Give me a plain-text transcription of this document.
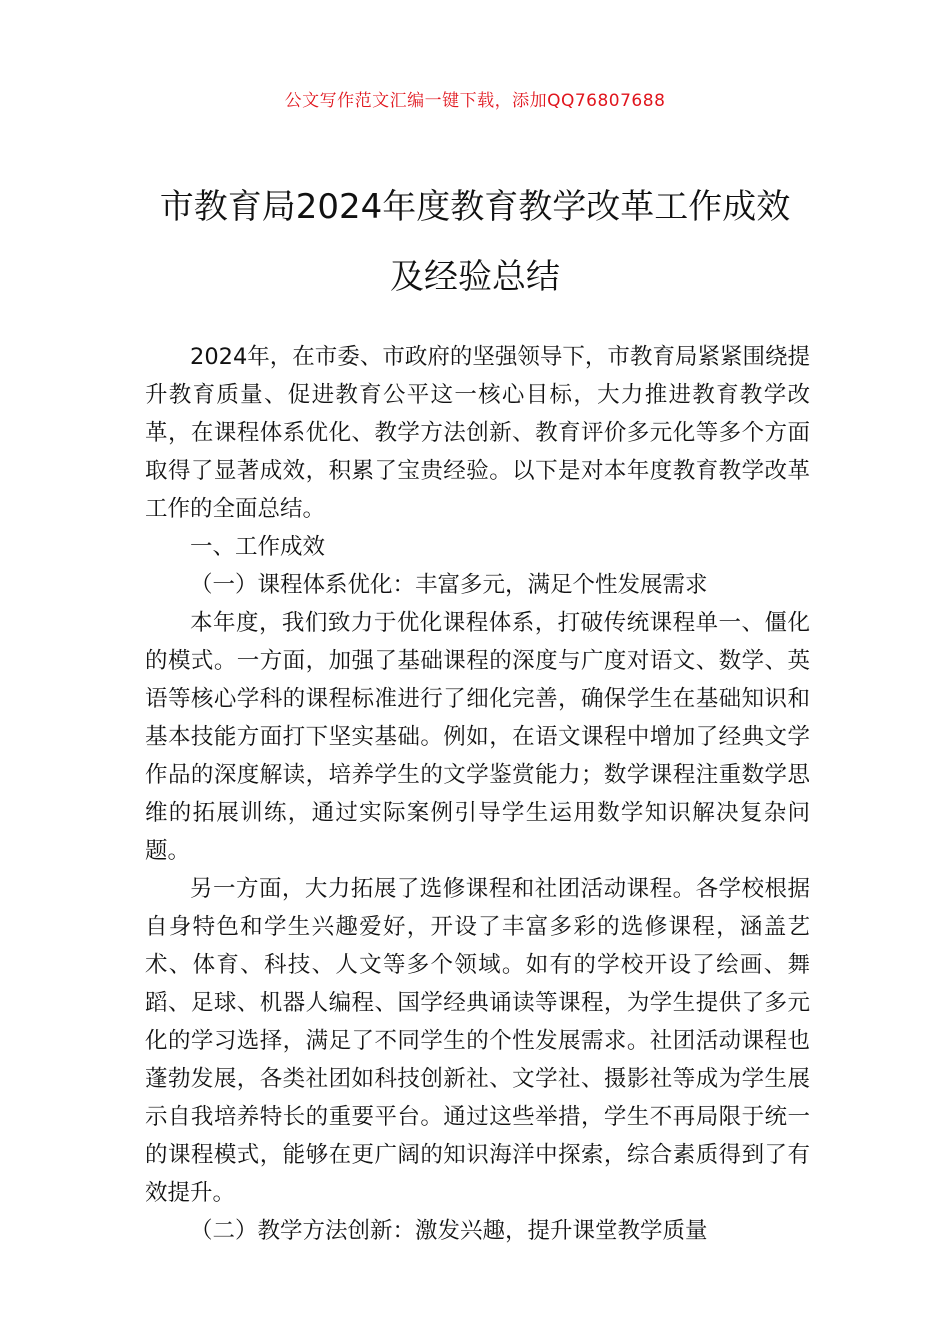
公文写作范文汇编一键下载，添加QQ76807688
市教育局2024年度教育教学改革工作成效
及经验总结

2024年，在市委、市政府的坚强领导下，市教育局紧紧围绕提升教育质量、促进教育公平这一核心目标，大力推进教育教学改革，在课程体系优化、教学方法创新、教育评价多元化等多个方面取得了显著成效，积累了宝贵经验。以下是对本年度教育教学改革工作的全面总结。

一、工作成效

（一）课程体系优化：丰富多元，满足个性发展需求

本年度，我们致力于优化课程体系，打破传统课程单一、僵化的模式。一方面，加强了基础课程的深度与广度对语文、数学、英语等核心学科的课程标准进行了细化完善，确保学生在基础知识和基本技能方面打下坚实基础。例如，在语文课程中增加了经典文学作品的深度解读，培养学生的文学鉴赏能力；数学课程注重数学思维的拓展训练，通过实际案例引导学生运用数学知识解决复杂问题。

另一方面，大力拓展了选修课程和社团活动课程。各学校根据自身特色和学生兴趣爱好，开设了丰富多彩的选修课程，涵盖艺术、体育、科技、人文等多个领域。如有的学校开设了绘画、舞蹈、足球、机器人编程、国学经典诵读等课程，为学生提供了多元化的学习选择，满足了不同学生的个性发展需求。社团活动课程也蓬勃发展，各类社团如科技创新社、文学社、摄影社等成为学生展示自我培养特长的重要平台。通过这些举措，学生不再局限于统一的课程模式，能够在更广阔的知识海洋中探索，综合素质得到了有效提升。

（二）教学方法创新：激发兴趣，提升课堂教学质量
